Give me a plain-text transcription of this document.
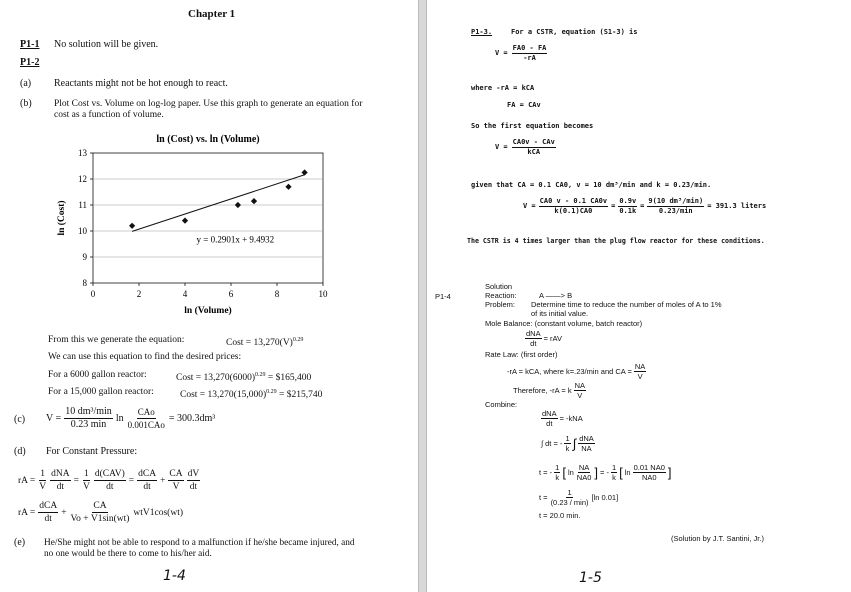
Chapter 1
P1-1 No solution will be given.
P1-2
(a) Reactants might not be hot enough to react.
(b) Plot Cost vs. Volume on log-log paper. Use this graph to generate an equation for
cost as a function of volume.
ln (Cost) vs. ln (Volume)
8
9
10
11
12
13
0	2	4	6	8	10
ln (Volume)
ln (Cost)
y = 0.2901x + 9.4932
From this we generate the equation:	Cost = $13,270(V)^{0.29}$
We can use this equation to find the desired prices:
For a 6000 gallon reactor:	Cost = $13,270(6000)^{0.29}$ = $165,400
For a 15,000 gallon reactor:	Cost = $13,270(15,000)^{0.29}$ = $215,740
(c) $V = \frac{\text{10 dm³/min}}{0.23 \min}$ $\ln \frac{\text{CAo}}{\text{0.001CAo}} = 300.3dm^3$
(d) For Constant Pressure:
rA = $\frac{1}{V} \frac{\text{dNA}}{dt} = \frac{1}{V} \frac{\text{d(CAV)}}{dt} = \frac{\text{dCA}}{dt} + \frac{CA}{V} \frac{dV}{dt}$
rA = $\frac{\text{dCA}}{dt} + \frac{CA}{Vo + V1\sin(wt)} wtV1\cos(wt)$
(e) He/She might not be able to respond to a malfunction if he/she became injured, and
no one would be there to come to his/her aid.
1-4
P1-3.	For a CSTR, equation (S1-3) is
$V = \frac{FA0 - FA}{-rA}$
where -rA = kCA
FA = CAv
So the first equation becomes
$V = \frac{\text{CA0v - CAv}}{\text{kCA}}$
given that CA = 0.1 CA0, v = 10 dm³/min and k = 0.23/min.
$V = \frac{CA0 v - 0.1 CA0v}{k(0.1)CA0} = \frac{0.9v}{0.1k} = \frac{\text{9(10 dm³/min)}}{0.23/\min} = 391.3$ liters
The CSTR is 4 times larger than the plug flow reactor for these conditions.
P1-4
Solution
Reaction:	A ——> B
Problem: Determine time to reduce the number of moles of A to 1%
of its initial value.
Mole Balance: (constant volume, batch reactor)
$\frac{\text{dNA}}{dt}$ = rAV
Rate Law: (first order)
-rA = kCA, where k=.23/min and CA = $\frac{NA}{V}$
Therefore, -rA = k $\frac{NA}{V}$
Combine:
$\frac{\text{dNA}}{dt} = -kNA$
∫ dt = - $\frac{1}{k}$ ∫ $\frac{\text{dNA}}{NA}$
t = - $\frac{1}{k}$ [ $\ln \frac{NA}{NA0}$ ] = - $\frac{1}{k}$ [ $\ln \frac{0.01 NA0}{NA0}$ ]
$t = \frac{1}{(0.23 / \min)} [\ln$ 0.01]
t = 20.0 min.
(Solution by J.T. Santini, Jr.)
1-5
